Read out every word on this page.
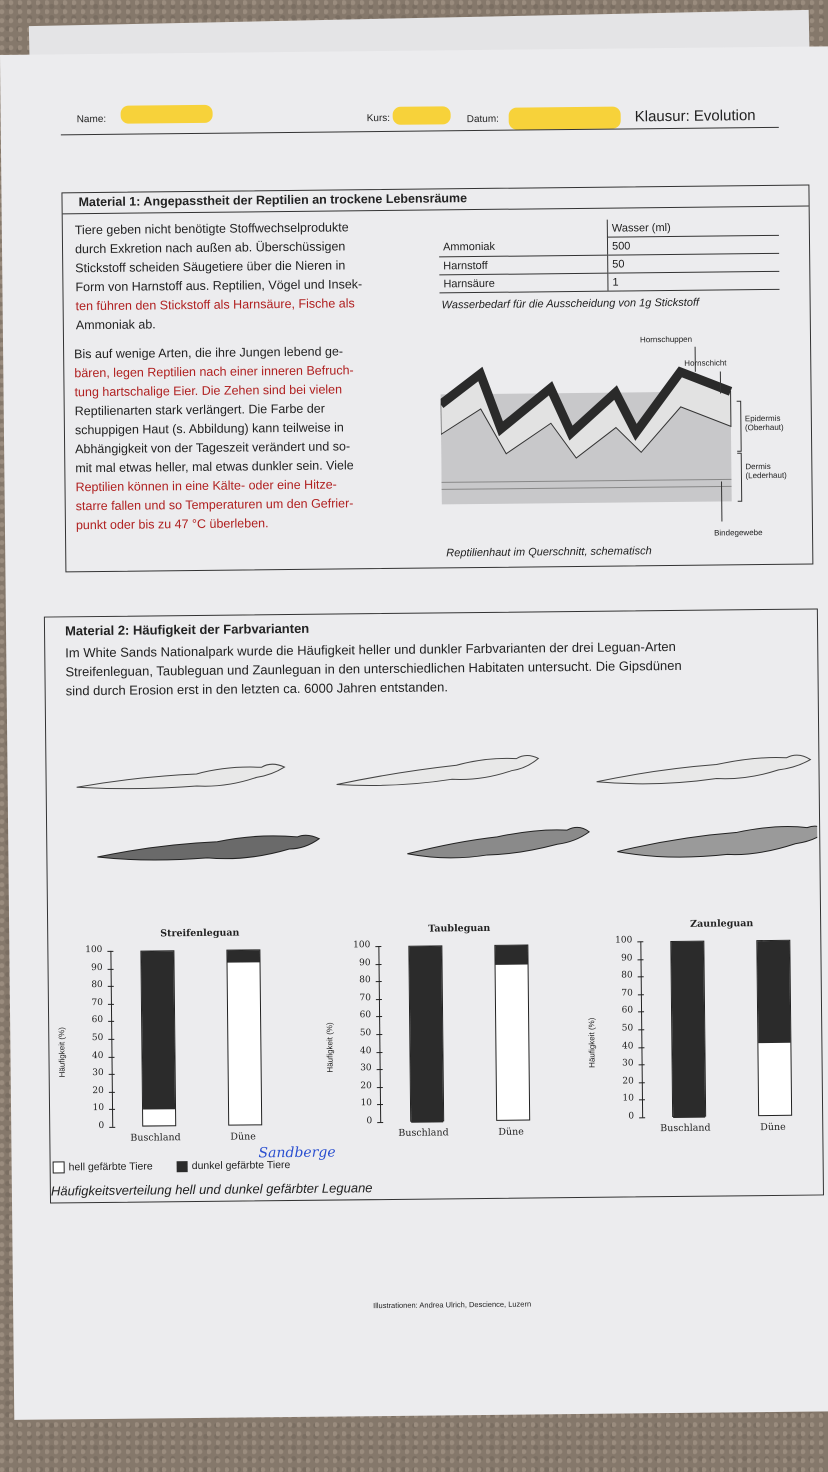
Name:	Kurs:	Datum:	Klausur: Evolution
Material 1: Angepasstheit der Reptilien an trockene Lebensräume
Tiere geben nicht benötigte Stoffwechselprodukte
durch Exkretion nach außen ab. Überschüssigen
Stickstoff scheiden Säugetiere über die Nieren in
Form von Harnstoff aus. Reptilien, Vögel und Insek-
ten führen den Stickstoff als Harnsäure, Fische als
Ammoniak ab.
Bis auf wenige Arten, die ihre Jungen lebend ge-
bären, legen Reptilien nach einer inneren Befruch-
tung hartschalige Eier. Die Zehen sind bei vielen
Reptilienarten stark verlängert. Die Farbe der
schuppigen Haut (s. Abbildung) kann teilweise in
Abhängigkeit von der Tageszeit verändert und so-
mit mal etwas heller, mal etwas dunkler sein. Viele
Reptilien können in eine Kälte- oder eine Hitze-
starre fallen und so Temperaturen um den Gefrier-
punkt oder bis zu 47 °C überleben.
	Wasser (ml)
Ammoniak	500
Harnstoff	50
Harnsäure	1
Wasserbedarf für die Ausscheidung von 1g Stickstoff
Hornschuppen
Hornschicht
Epidermis
(Oberhaut)
Dermis
(Lederhaut)
Bindegewebe
Reptilienhaut im Querschnitt, schematisch
Material 2: Häufigkeit der Farbvarianten
Im White Sands Nationalpark wurde die Häufigkeit heller und dunkler Farbvarianten der drei Leguan-Arten
Streifenleguan, Taubleguan und Zaunleguan in den unterschiedlichen Habitaten untersucht. Die Gipsdünen
sind durch Erosion erst in den letzten ca. 6000 Jahren entstanden.
Streifenleguan
Häufigkeit (%)
100
90
80
70
60
50
40
30
20
10
0
Buschland	Düne
Taubleguan
Häufigkeit (%)
100
90
80
70
60
50
40
30
20
10
0
Buschland	Düne
Zaunleguan
Häufigkeit (%)
100
90
80
70
60
50
40
30
20
10
0
Buschland	Düne
hell gefärbte Tiere	dunkel gefärbte Tiere
Sandberge
Häufigkeitsverteilung hell und dunkel gefärbter Leguane
Illustrationen: Andrea Ulrich, Descience, Luzern
